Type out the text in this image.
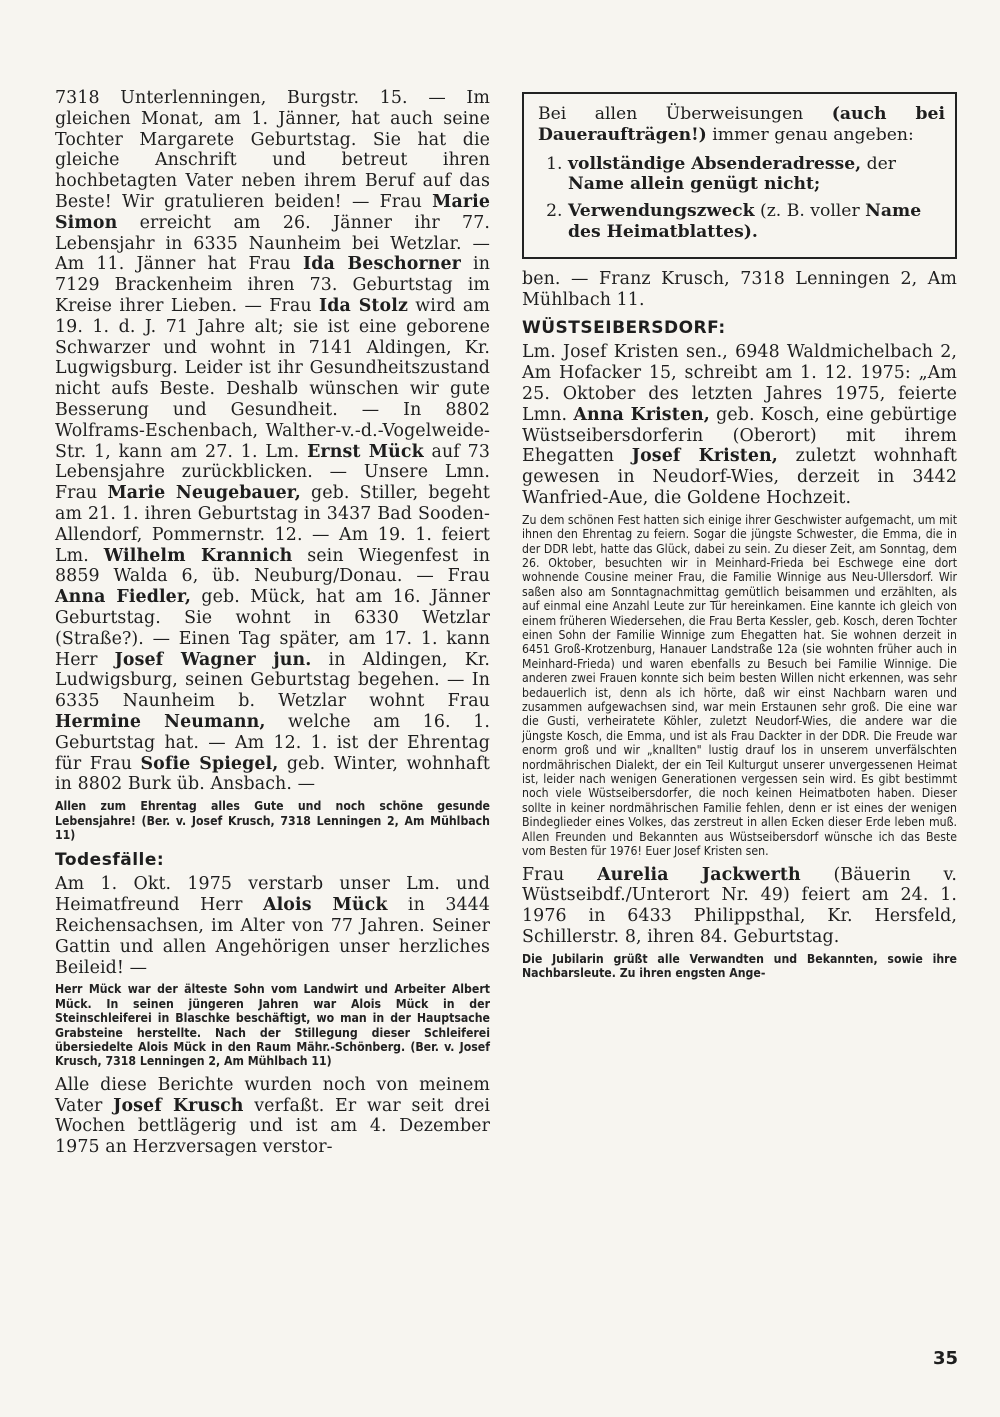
7318 Unterlenningen, Burgstr. 15. — Im gleichen Monat, am 1. Jänner, hat auch seine Tochter Margarete Geburtstag. Sie hat die gleiche Anschrift und betreut ihren hochbetagten Vater neben ihrem Beruf auf das Beste! Wir gratulieren beiden! — Frau Marie Simon erreicht am 26. Jänner ihr 77. Lebensjahr in 6335 Naunheim bei Wetzlar. — Am 11. Jänner hat Frau Ida Beschorner in 7129 Brackenheim ihren 73. Geburtstag im Kreise ihrer Lieben. — Frau Ida Stolz wird am 19. 1. d. J. 71 Jahre alt; sie ist eine geborene Schwarzer und wohnt in 7141 Aldingen, Kr. Lugwigsburg. Leider ist ihr Gesundheitszustand nicht aufs Beste. Deshalb wünschen wir gute Besserung und Gesundheit. — In 8802 Wolframs-Eschenbach, Walther-v.-d.-Vogelweide-Str. 1, kann am 27. 1. Lm. Ernst Mück auf 73 Lebensjahre zurückblicken. — Unsere Lmn. Frau Marie Neugebauer, geb. Stiller, begeht am 21. 1. ihren Geburtstag in 3437 Bad Sooden-Allendorf, Pommernstr. 12. — Am 19. 1. feiert Lm. Wilhelm Krannich sein Wiegenfest in 8859 Walda 6, üb. Neuburg/Donau. — Frau Anna Fiedler, geb. Mück, hat am 16. Jänner Geburtstag. Sie wohnt in 6330 Wetzlar (Straße?). — Einen Tag später, am 17. 1. kann Herr Josef Wagner jun. in Aldingen, Kr. Ludwigsburg, seinen Geburtstag begehen. — In 6335 Naunheim b. Wetzlar wohnt Frau Hermine Neumann, welche am 16. 1. Geburtstag hat. — Am 12. 1. ist der Ehrentag für Frau Sofie Spiegel, geb. Winter, wohnhaft in 8802 Burk üb. Ansbach. —

Allen zum Ehrentag alles Gute und noch schöne gesunde Lebensjahre! (Ber. v. Josef Krusch, 7318 Lenningen 2, Am Mühlbach 11)

Todesfälle:

Am 1. Okt. 1975 verstarb unser Lm. und Heimatfreund Herr Alois Mück in 3444 Reichensachsen, im Alter von 77 Jahren. Seiner Gattin und allen Angehörigen unser herzliches Beileid! —

Herr Mück war der älteste Sohn vom Landwirt und Arbeiter Albert Mück. In seinen jüngeren Jahren war Alois Mück in der Steinschleiferei in Blaschke beschäftigt, wo man in der Hauptsache Grabsteine herstellte. Nach der Stillegung dieser Schleiferei übersiedelte Alois Mück in den Raum Mähr.-Schönberg. (Ber. v. Josef Krusch, 7318 Lenningen 2, Am Mühlbach 11)

Alle diese Berichte wurden noch von meinem Vater Josef Krusch verfaßt. Er war seit drei Wochen bettlägerig und ist am 4. Dezember 1975 an Herzversagen verstor-

Bei allen Überweisungen (auch bei Daueraufträgen!) immer genau angeben:

1. vollständige Absenderadresse, der Name allein genügt nicht;
2. Verwendungszweck (z. B. voller Name des Heimatblattes).

ben. — Franz Krusch, 7318 Lenningen 2, Am Mühlbach 11.

WÜSTSEIBERSDORF:

Lm. Josef Kristen sen., 6948 Waldmichelbach 2, Am Hofacker 15, schreibt am 1. 12. 1975: „Am 25. Oktober des letzten Jahres 1975, feierte Lmn. Anna Kristen, geb. Kosch, eine gebürtige Wüstseibersdorferin (Oberort) mit ihrem Ehegatten Josef Kristen, zuletzt wohnhaft gewesen in Neudorf-Wies, derzeit in 3442 Wanfried-Aue, die Goldene Hochzeit.

Zu dem schönen Fest hatten sich einige ihrer Geschwister aufgemacht, um mit ihnen den Ehrentag zu feiern. Sogar die jüngste Schwester, die Emma, die in der DDR lebt, hatte das Glück, dabei zu sein. Zu dieser Zeit, am Sonntag, dem 26. Oktober, besuchten wir in Meinhard-Frieda bei Eschwege eine dort wohnende Cousine meiner Frau, die Familie Winnige aus Neu-Ullersdorf. Wir saßen also am Sonntagnachmittag gemütlich beisammen und erzählten, als auf einmal eine Anzahl Leute zur Tür hereinkamen. Eine kannte ich gleich von einem früheren Wiedersehen, die Frau Berta Kessler, geb. Kosch, deren Tochter einen Sohn der Familie Winnige zum Ehegatten hat. Sie wohnen derzeit in 6451 Groß-Krotzenburg, Hanauer Landstraße 12a (sie wohnten früher auch in Meinhard-Frieda) und waren ebenfalls zu Besuch bei Familie Winnige. Die anderen zwei Frauen konnte sich beim besten Willen nicht erkennen, was sehr bedauerlich ist, denn als ich hörte, daß wir einst Nachbarn waren und zusammen aufgewachsen sind, war mein Erstaunen sehr groß. Die eine war die Gusti, verheiratete Köhler, zuletzt Neudorf-Wies, die andere war die jüngste Kosch, die Emma, und ist als Frau Dackter in der DDR. Die Freude war enorm groß und wir „knallten" lustig drauf los in unserem unverfälschten nordmährischen Dialekt, der ein Teil Kulturgut unserer unvergessenen Heimat ist, leider nach wenigen Generationen vergessen sein wird. Es gibt bestimmt noch viele Wüstseibersdorfer, die noch keinen Heimatboten haben. Dieser sollte in keiner nordmährischen Familie fehlen, denn er ist eines der wenigen Bindeglieder eines Volkes, das zerstreut in allen Ecken dieser Erde leben muß. Allen Freunden und Bekannten aus Wüstseibersdorf wünsche ich das Beste vom Besten für 1976! Euer Josef Kristen sen.

Frau Aurelia Jackwerth (Bäuerin v. Wüstseibdf./Unterort Nr. 49) feiert am 24. 1. 1976 in 6433 Philippsthal, Kr. Hersfeld, Schillerstr. 8, ihren 84. Geburtstag.

Die Jubilarin grüßt alle Verwandten und Bekannten, sowie ihre Nachbarsleute. Zu ihren engsten Ange-

35
